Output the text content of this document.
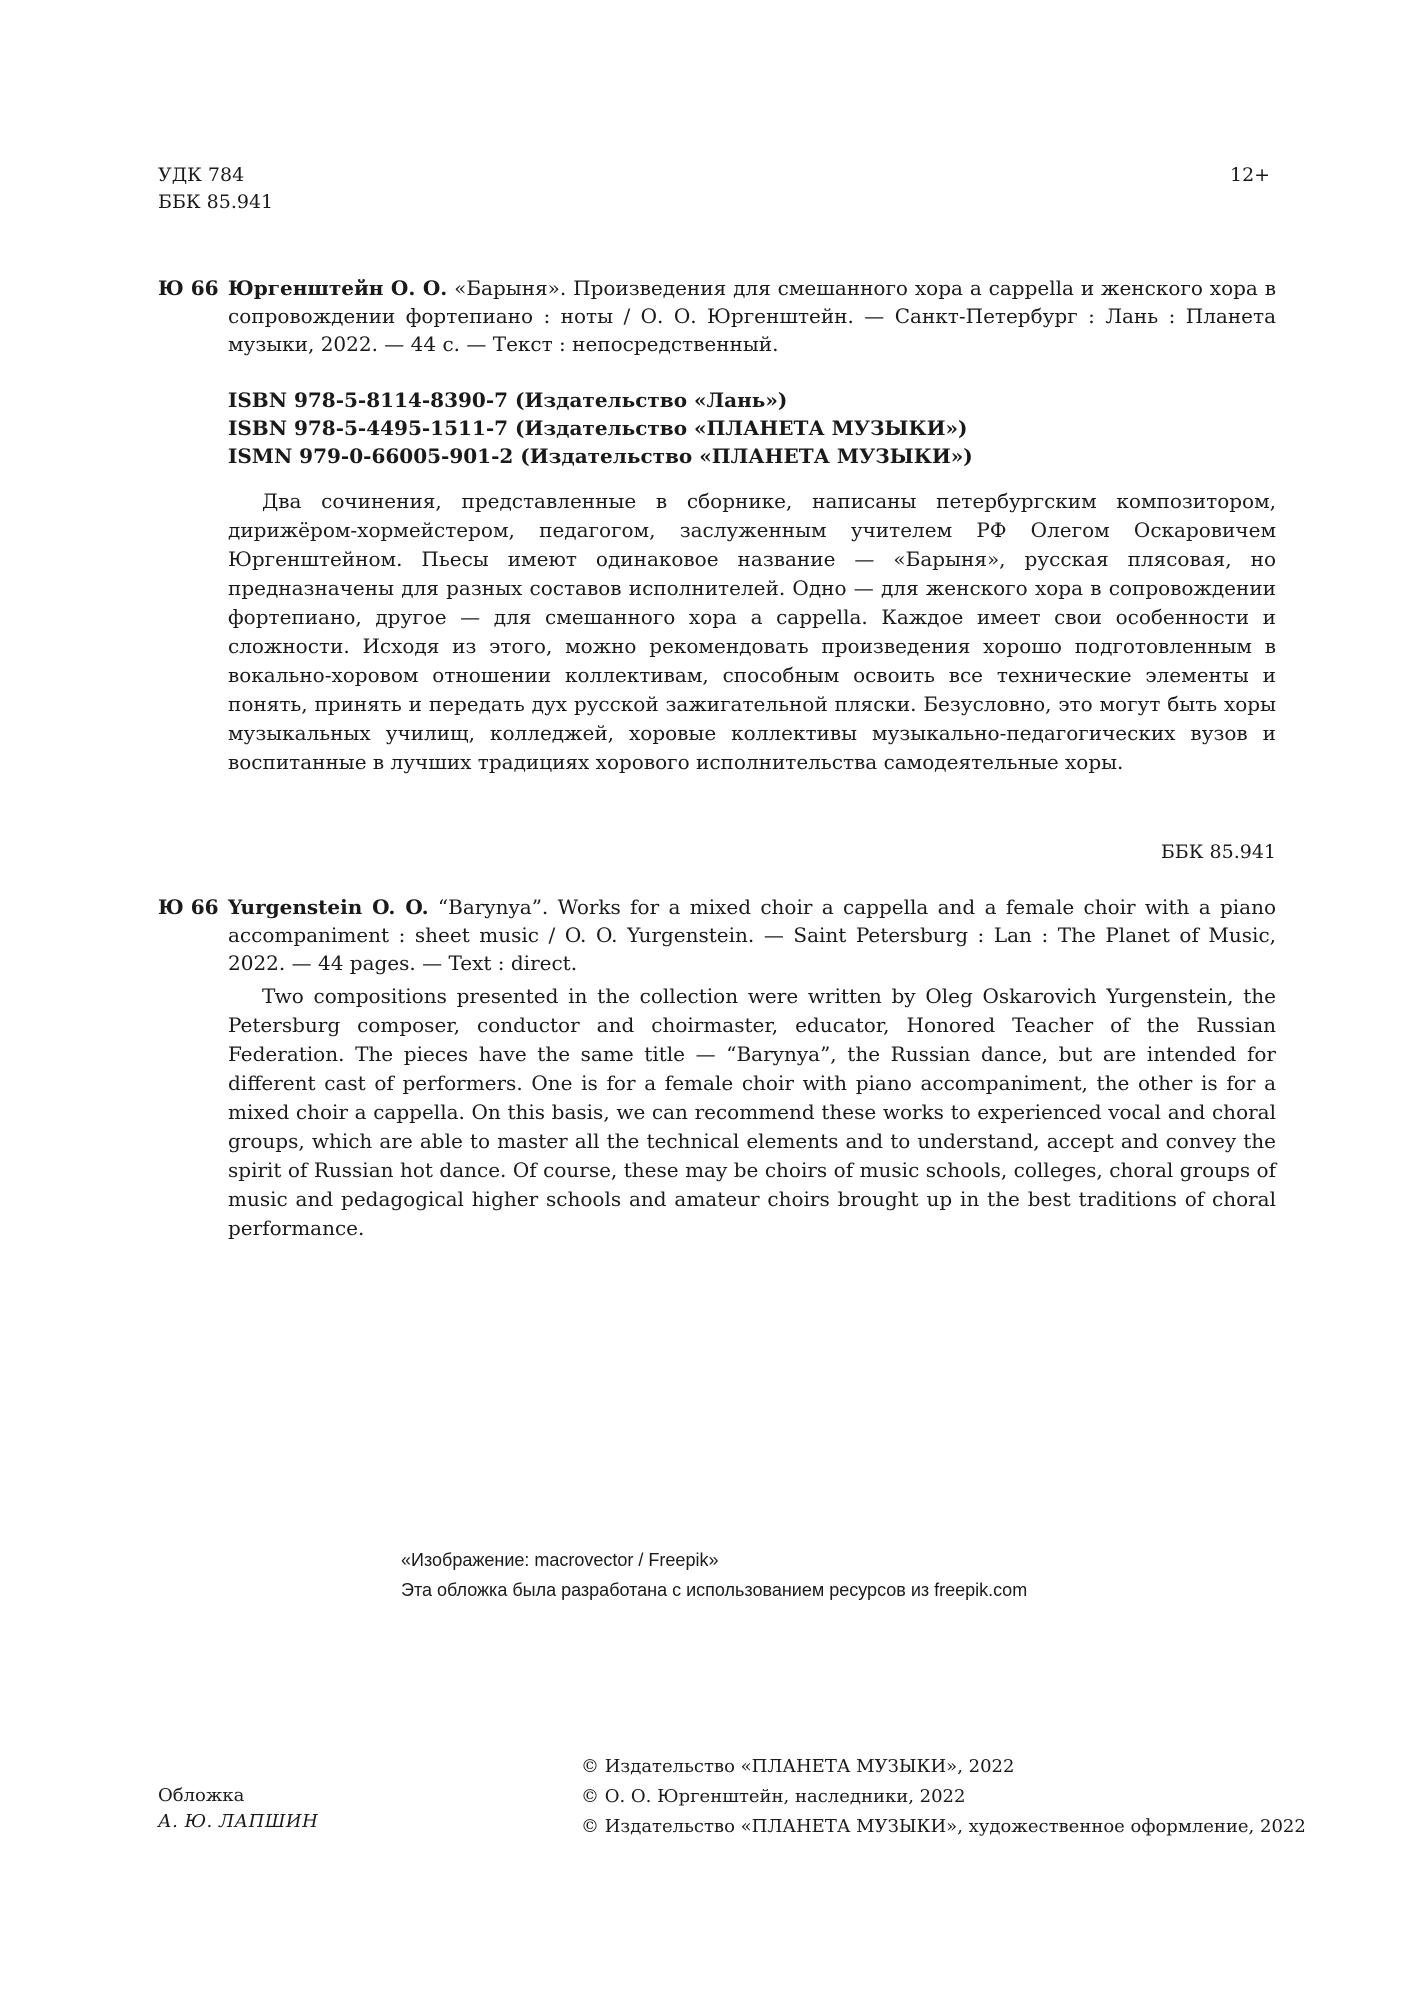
УДК 784
ББК 85.941
12+
Ю 66 Юргенштейн О. О. «Барыня». Произведения для смешанного хора a cappella и женского хора в сопровождении фортепиано : ноты / О. О. Юргенштейн. — Санкт-Петербург : Лань : Планета музыки, 2022. — 44 с. — Текст : непосредственный.
ISBN 978-5-8114-8390-7 (Издательство «Лань»)
ISBN 978-5-4495-1511-7 (Издательство «ПЛАНЕТА МУЗЫКИ»)
ISMN 979-0-66005-901-2 (Издательство «ПЛАНЕТА МУЗЫКИ»)
Два сочинения, представленные в сборнике, написаны петербургским композитором, дирижёром-хормейстером, педагогом, заслуженным учителем РФ Олегом Оскаровичем Юргенштейном. Пьесы имеют одинаковое название — «Барыня», русская плясовая, но предназначены для разных составов исполнителей. Одно — для женского хора в сопровождении фортепиано, другое — для смешанного хора a cappella. Каждое имеет свои особенности и сложности. Исходя из этого, можно рекомендовать произведения хорошо подготовленным в вокально-хоровом отношении коллективам, способным освоить все технические элементы и понять, принять и передать дух русской зажигательной пляски. Безусловно, это могут быть хоры музыкальных училищ, колледжей, хоровые коллективы музыкально-педагогических вузов и воспитанные в лучших традициях хорового исполнительства самодеятельные хоры.
ББК 85.941
Ю 66 Yurgenstein O. O. “Barynya”. Works for a mixed choir a cappella and a female choir with a piano accompaniment : sheet music / O. O. Yurgenstein. — Saint Petersburg : Lan : The Planet of Music, 2022. — 44 pages. — Text : direct.
Two compositions presented in the collection were written by Oleg Oskarovich Yurgenstein, the Petersburg composer, conductor and choirmaster, educator, Honored Teacher of the Russian Federation. The pieces have the same title — “Barynya”, the Russian dance, but are intended for different cast of performers. One is for a female choir with piano accompaniment, the other is for a mixed choir a cappella. On this basis, we can recommend these works to experienced vocal and choral groups, which are able to master all the technical elements and to understand, accept and convey the spirit of Russian hot dance. Of course, these may be choirs of music schools, colleges, choral groups of music and pedagogical higher schools and amateur choirs brought up in the best traditions of choral performance.
«Изображение: macrovector / Freepik»
Эта обложка была разработана с использованием ресурсов из freepik.com
Обложка
А. Ю. ЛАПШИН
© Издательство «ПЛАНЕТА МУЗЫКИ», 2022
© О. О. Юргенштейн, наследники, 2022
© Издательство «ПЛАНЕТА МУЗЫКИ», художественное оформление, 2022
